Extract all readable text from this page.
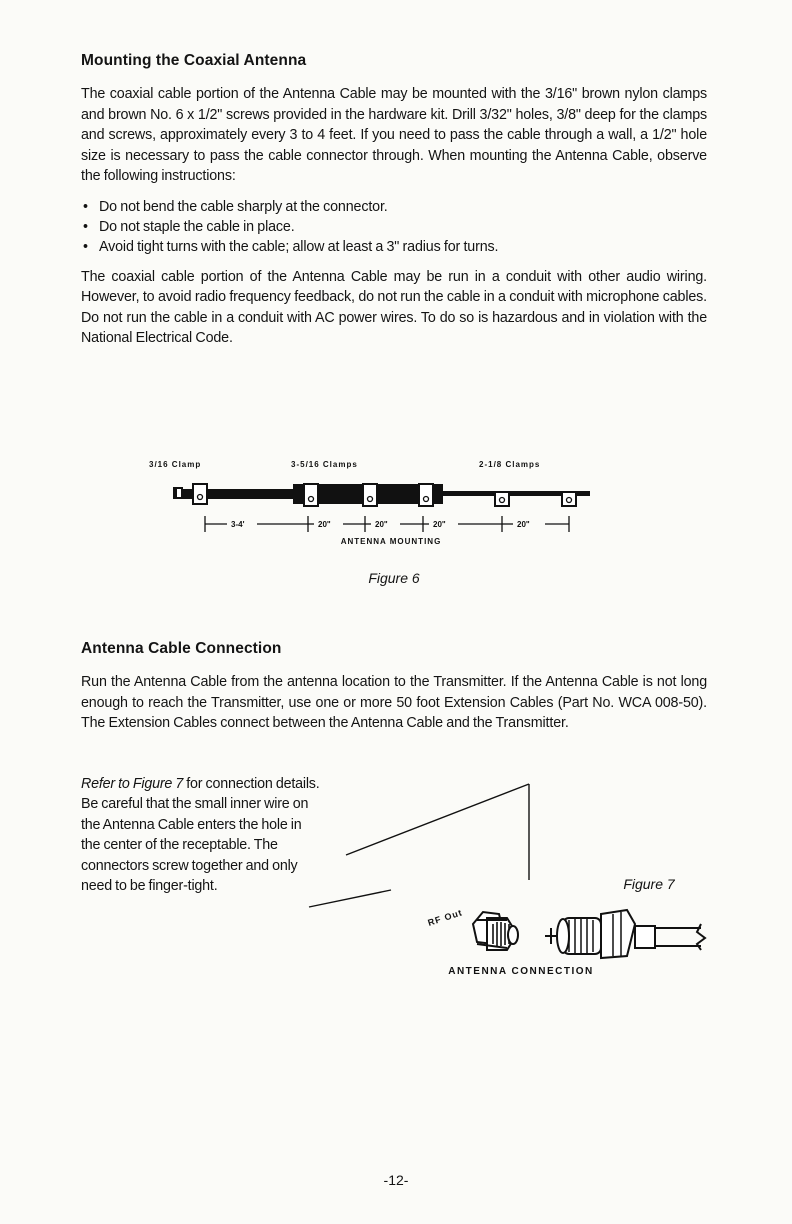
Mounting the Coaxial Antenna

The coaxial cable portion of the Antenna Cable may be mounted with the 3/16" brown nylon clamps and brown No. 6 x 1/2" screws provided in the hardware kit. Drill 3/32" holes, 3/8" deep for the clamps and screws, approximately every 3 to 4 feet. If you need to pass the cable through a wall, a 1/2" hole size is necessary to pass the cable connector through. When mounting the Antenna Cable, observe the following instructions:

• Do not bend the cable sharply at the connector.
• Do not staple the cable in place.
• Avoid tight turns with the cable; allow at least a 3" radius for turns.

The coaxial cable portion of the Antenna Cable may be run in a conduit with other audio wiring. However, to avoid radio frequency feedback, do not run the cable in a conduit with microphone cables. Do not run the cable in a conduit with AC power wires. To do so is hazardous and in violation with the National Electrical Code.

3/16 Clamp	3-5/16 Clamps	2-1/8 Clamps
3-4'	20"	20"	20"	20"
ANTENNA MOUNTING
Figure 6
Antenna Cable Connection

Run the Antenna Cable from the antenna location to the Transmitter. If the Antenna Cable is not long enough to reach the Transmitter, use one or more 50 foot Extension Cables (Part No. WCA 008-50). The Extension Cables connect between the Antenna Cable and the Transmitter.

Refer to Figure 7 for connection details. Be careful that the small inner wire on the Antenna Cable enters the hole in the center of the receptable. The connectors screw together and only need to be finger-tight.	Figure 7
RF Out
ANTENNA CONNECTION
-12-
